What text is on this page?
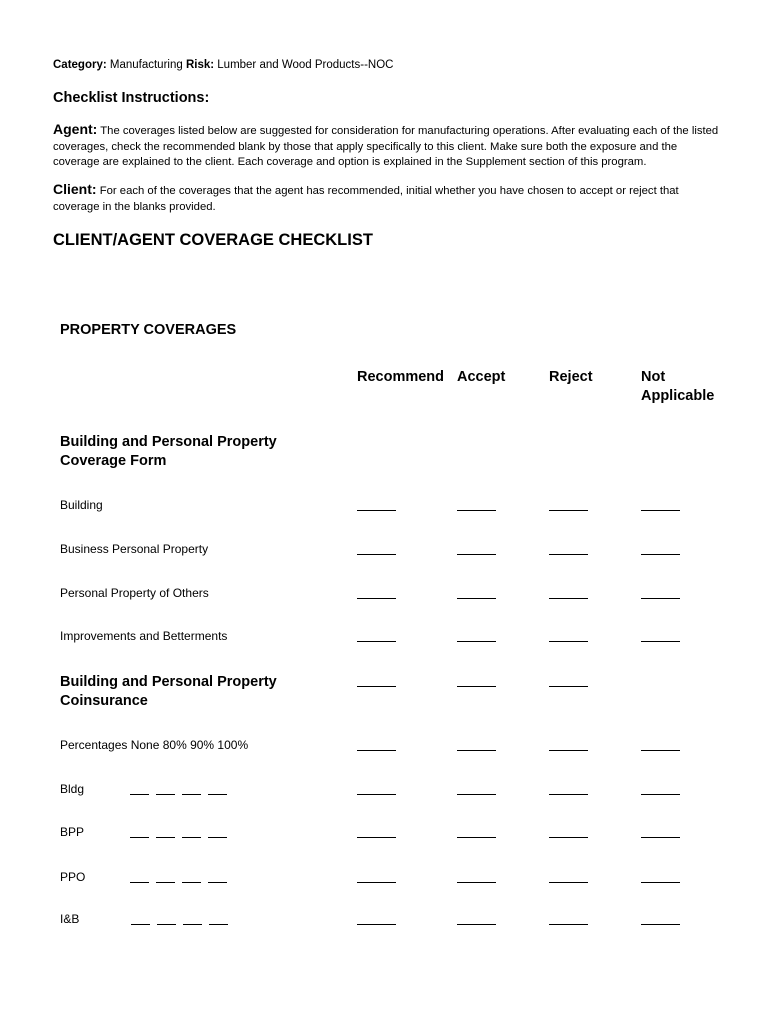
Category: Manufacturing Risk: Lumber and Wood Products--NOC
Checklist Instructions:
Agent: The coverages listed below are suggested for consideration for manufacturing operations. After evaluating each of the listed coverages, check the recommended blank by those that apply specifically to this client. Make sure both the exposure and the coverage are explained to the client. Each coverage and option is explained in the Supplement section of this program.
Client: For each of the coverages that the agent has recommended, initial whether you have chosen to accept or reject that coverage in the blanks provided.
CLIENT/AGENT COVERAGE CHECKLIST
PROPERTY COVERAGES
Recommend Accept	Reject	Not Applicable
Building and Personal Property Coverage Form
Building
Business Personal Property
Personal Property of Others
Improvements and Betterments
Building and Personal Property Coinsurance
Percentages None 80% 90% 100%
Bldg
BPP
PPO
I&B
